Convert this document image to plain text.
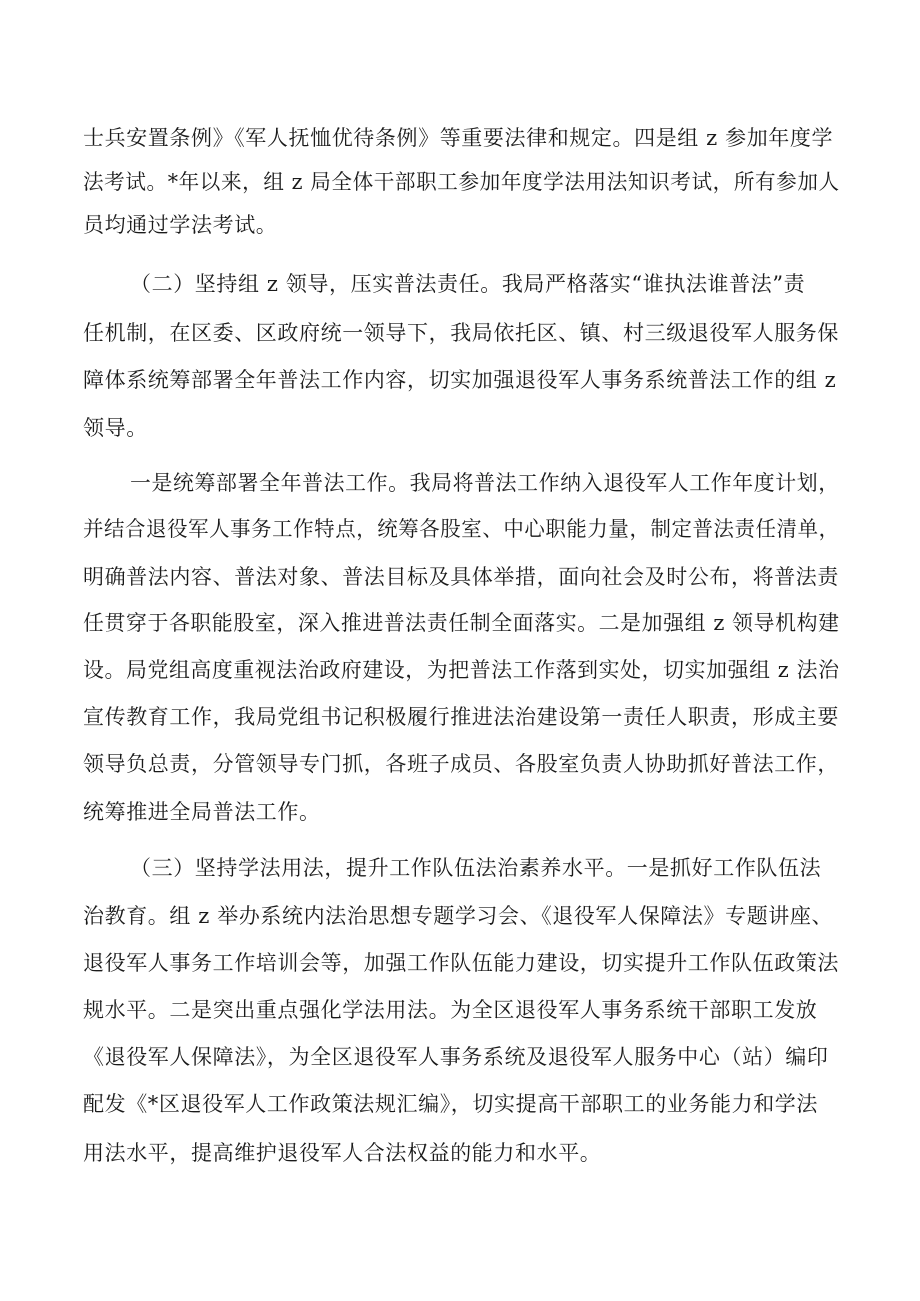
士兵安置条例》《军人抚恤优待条例》等重要法律和规定。四是组 z 参加年度学
法考试。*年以来，组 z 局全体干部职工参加年度学法用法知识考试，所有参加人
员均通过学法考试。
（二）坚持组 z 领导，压实普法责任。我局严格落实“谁执法谁普法”责
任机制，在区委、区政府统一领导下，我局依托区、镇、村三级退役军人服务保
障体系统筹部署全年普法工作内容，切实加强退役军人事务系统普法工作的组 z
领导。
一是统筹部署全年普法工作。我局将普法工作纳入退役军人工作年度计划，
并结合退役军人事务工作特点，统筹各股室、中心职能力量，制定普法责任清单，
明确普法内容、普法对象、普法目标及具体举措，面向社会及时公布，将普法责
任贯穿于各职能股室，深入推进普法责任制全面落实。二是加强组 z 领导机构建
设。局党组高度重视法治政府建设，为把普法工作落到实处，切实加强组 z 法治
宣传教育工作，我局党组书记积极履行推进法治建设第一责任人职责，形成主要
领导负总责，分管领导专门抓，各班子成员、各股室负责人协助抓好普法工作，
统筹推进全局普法工作。
（三）坚持学法用法，提升工作队伍法治素养水平。一是抓好工作队伍法
治教育。组 z 举办系统内法治思想专题学习会、《退役军人保障法》专题讲座、
退役军人事务工作培训会等，加强工作队伍能力建设，切实提升工作队伍政策法
规水平。二是突出重点强化学法用法。为全区退役军人事务系统干部职工发放
《退役军人保障法》，为全区退役军人事务系统及退役军人服务中心（站）编印
配发《*区退役军人工作政策法规汇编》，切实提高干部职工的业务能力和学法
用法水平，提高维护退役军人合法权益的能力和水平。
